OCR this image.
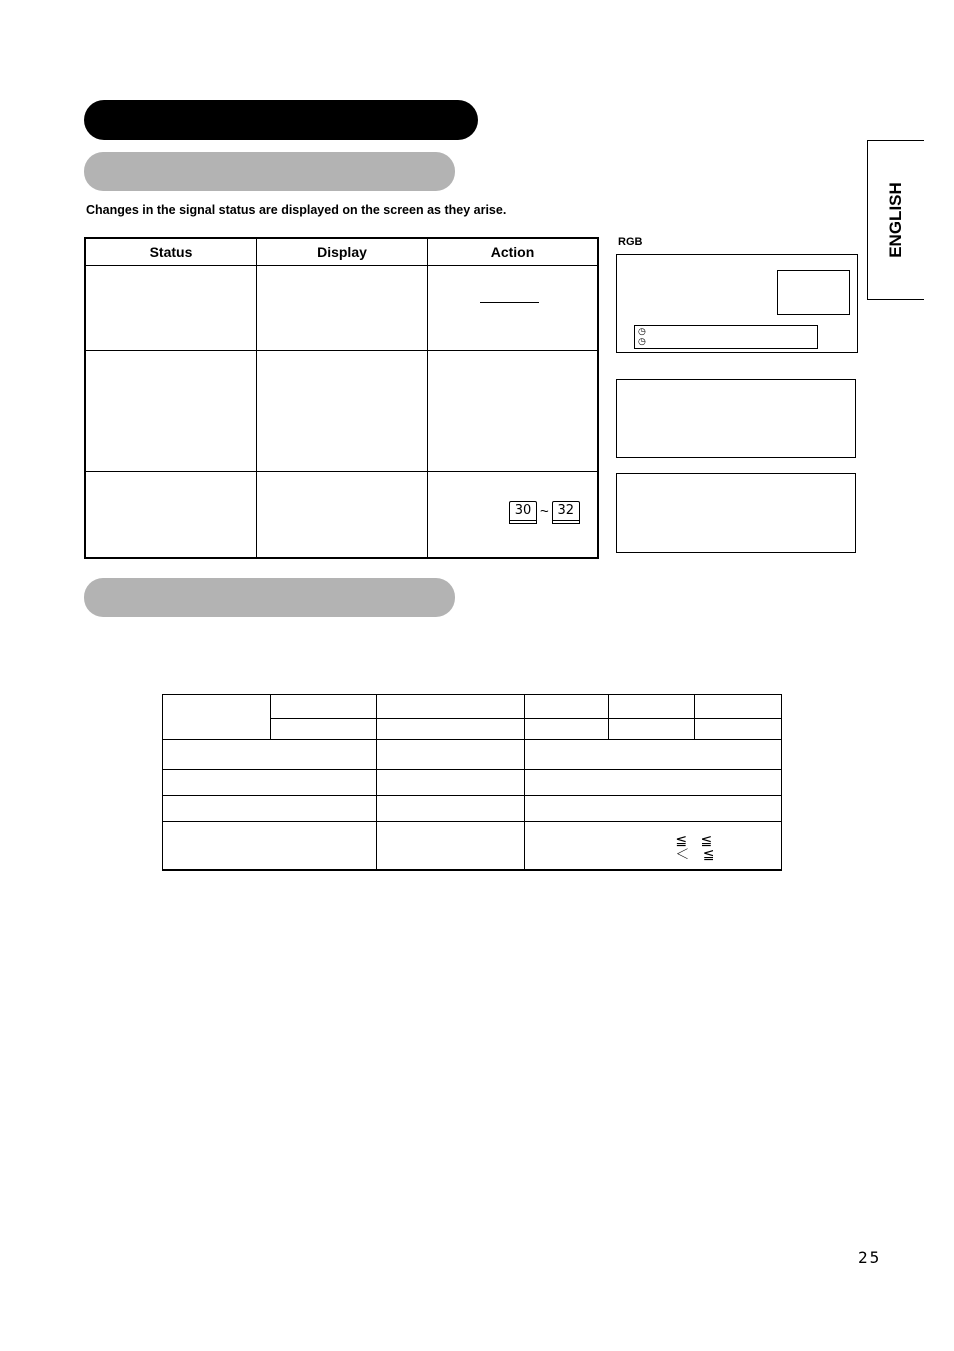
Changes in the signal status are displayed on the screen as they arise.
Status	Display	Action

		30 ~ 32
RGB
◷
◷
ENGLISH

			≦   ≦
＜   ≦		
25
